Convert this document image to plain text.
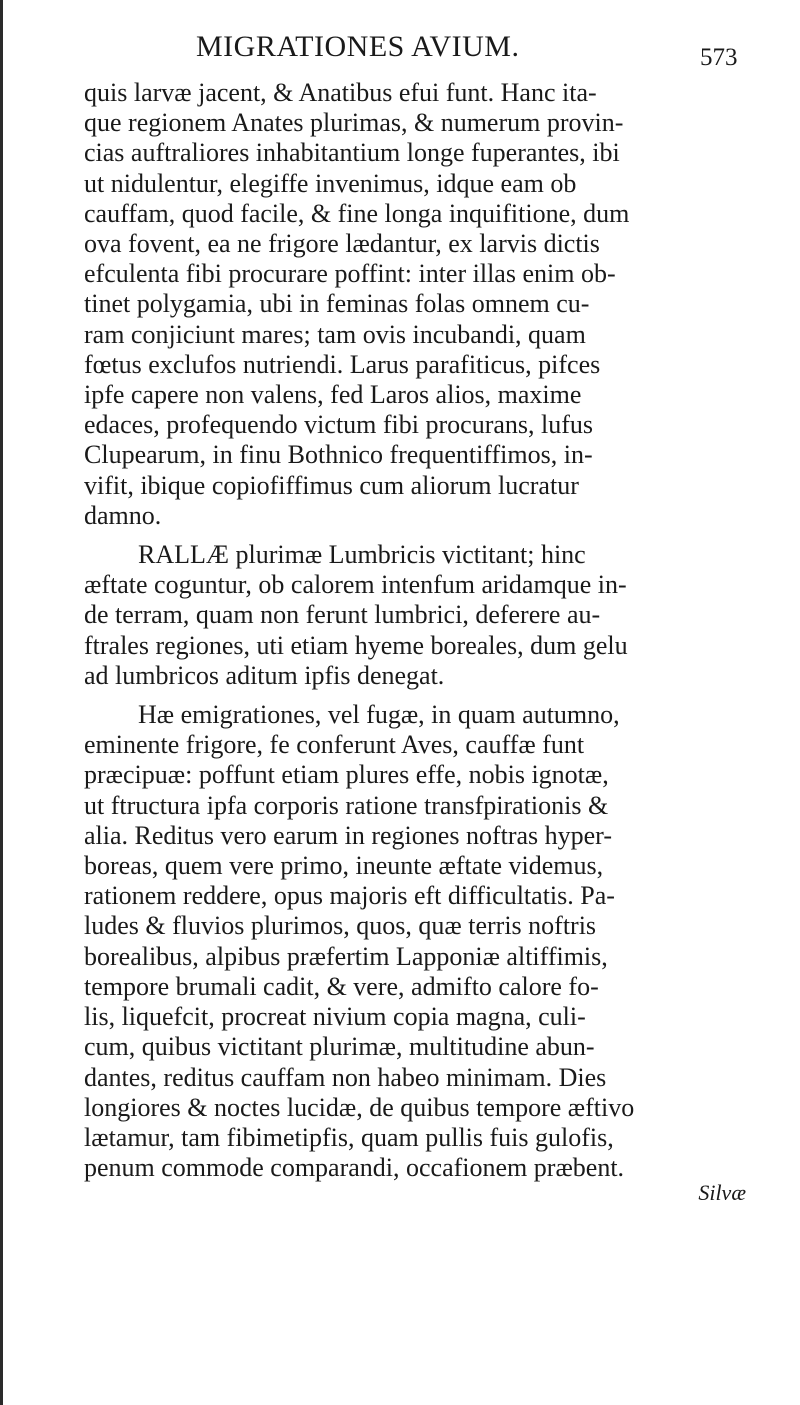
MIGRATIONES AVIUM.	573

quis larvæ jacent, & Anatibus efui funt. Hanc ita-
que regionem Anates plurimas, & numerum provin-
cias auftraliores inhabitantium longe fuperantes, ibi
ut nidulentur, elegiffe invenimus, idque eam ob
cauffam, quod facile, & fine longa inquifitione, dum
ova fovent, ea ne frigore lædantur, ex larvis dictis
efculenta fibi procurare poffint: inter illas enim ob-
tinet polygamia, ubi in feminas folas omnem cu-
ram conjiciunt mares; tam ovis incubandi, quam
fœtus exclufos nutriendi. Larus parafiticus, pifces
ipfe capere non valens, fed Laros alios, maxime
edaces, profequendo victum fibi procurans, lufus
Clupearum, in finu Bothnico frequentiffimos, in-
vifit, ibique copiofiffimus cum aliorum lucratur
damno.

RALLÆ plurimæ Lumbricis victitant; hinc
æftate coguntur, ob calorem intenfum aridamque in-
de terram, quam non ferunt lumbrici, deferere au-
ftrales regiones, uti etiam hyeme boreales, dum gelu
ad lumbricos aditum ipfis denegat.

Hæ emigrationes, vel fugæ, in quam autumno,
eminente frigore, fe conferunt Aves, cauffæ funt
præcipuæ: poffunt etiam plures effe, nobis ignotæ,
ut ftructura ipfa corporis ratione transfpirationis &
alia. Reditus vero earum in regiones noftras hyper-
boreas, quem vere primo, ineunte æftate videmus,
rationem reddere, opus majoris eft difficultatis. Pa-
ludes & fluvios plurimos, quos, quæ terris noftris
borealibus, alpibus præfertim Lapponiæ altiffimis,
tempore brumali cadit, & vere, admifto calore fo-
lis, liquefcit, procreat nivium copia magna, culi-
cum, quibus victitant plurimæ, multitudine abun-
dantes, reditus cauffam non habeo minimam. Dies
longiores & noctes lucidæ, de quibus tempore æftivo
lætamur, tam fibimetipfis, quam pullis fuis gulofis,
penum commode comparandi, occafionem præbent.

Silvæ
